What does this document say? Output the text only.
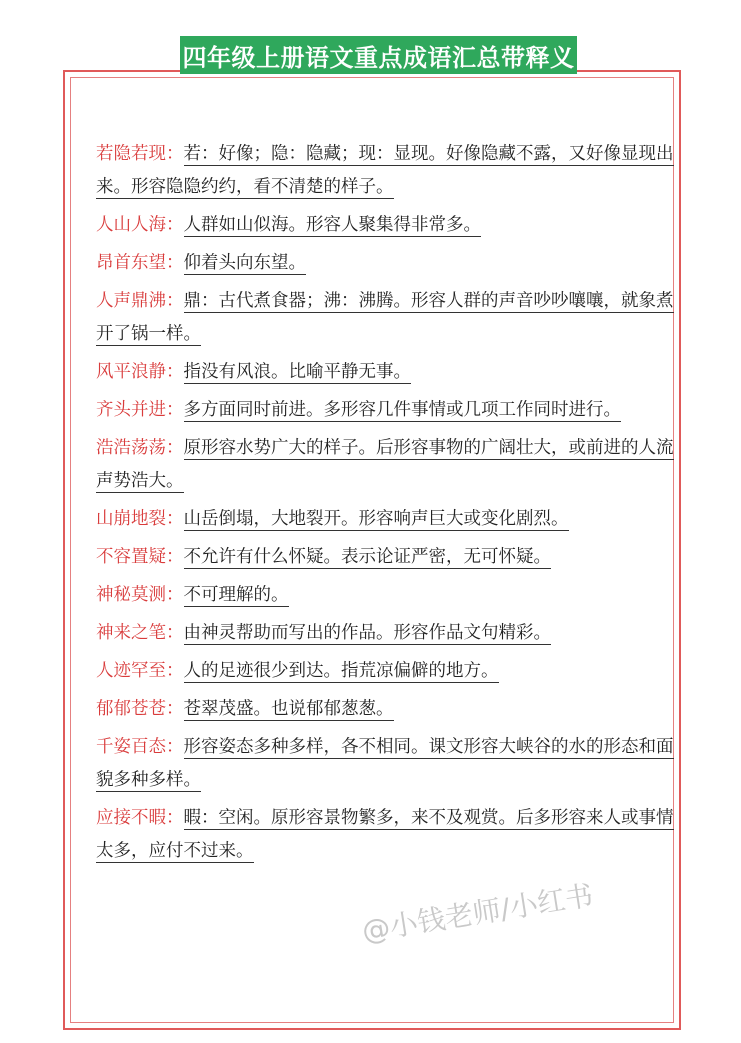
四年级上册语文重点成语汇总带释义
若隐若现：若：好像；隐：隐藏；现：显现。好像隐藏不露，又好像显现出来。形容隐隐约约，看不清楚的样子。
人山人海：人群如山似海。形容人聚集得非常多。
昂首东望：仰着头向东望。
人声鼎沸：鼎：古代煮食器；沸：沸腾。形容人群的声音吵吵嚷嚷，就象煮开了锅一样。
风平浪静：指没有风浪。比喻平静无事。
齐头并进：多方面同时前进。多形容几件事情或几项工作同时进行。
浩浩荡荡：原形容水势广大的样子。后形容事物的广阔壮大，或前进的人流声势浩大。
山崩地裂：山岳倒塌，大地裂开。形容响声巨大或变化剧烈。
不容置疑：不允许有什么怀疑。表示论证严密，无可怀疑。
神秘莫测：不可理解的。
神来之笔：由神灵帮助而写出的作品。形容作品文句精彩。
人迹罕至：人的足迹很少到达。指荒凉偏僻的地方。
郁郁苍苍：苍翠茂盛。也说郁郁葱葱。
千姿百态：形容姿态多种多样，各不相同。课文形容大峡谷的水的形态和面貌多种多样。
应接不暇：暇：空闲。原形容景物繁多，来不及观赏。后多形容来人或事情太多，应付不过来。
@小钱老师/小红书
